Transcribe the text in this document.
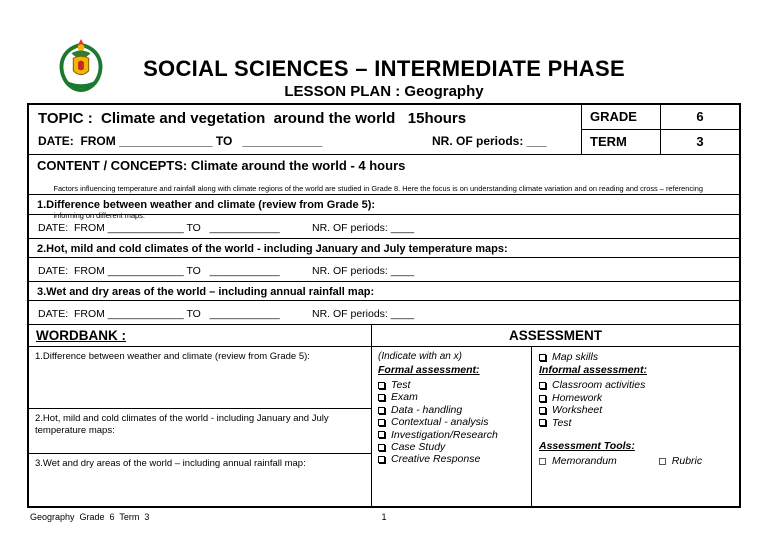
SOCIAL SCIENCES – INTERMEDIATE PHASE
LESSON PLAN : Geography
TOPIC :  Climate and vegetation  around the world   15hours
DATE:  FROM ______________ TO   ____________	NR. OF periods: ___
GRADE	6
TERM	3
CONTENT / CONCEPTS: Climate around the world - 4 hours

Factors influencing temperature and rainfall along with climate regions of the world are studied in Grade 8. Here the focus is on understanding climate variation and on reading and cross – referencing

informing on different maps.

1.Difference between weather and climate (review from Grade 5):
DATE:  FROM _____________ TO   ____________	NR. OF periods: ____
2.Hot, mild and cold climates of the world - including January and July temperature maps:
DATE:  FROM _____________ TO   ____________	NR. OF periods: ____
3.Wet and dry areas of the world – including annual rainfall map:
DATE:  FROM _____________ TO   ____________	NR. OF periods: ____
WORDBANK :	ASSESSMENT
1.Difference between weather and climate (review from Grade 5):
2.Hot, mild and cold climates of the world - including January and July temperature maps:
3.Wet and dry areas of the world – including annual rainfall map:
(Indicate with an x)
Formal assessment:
Test
Exam
Data - handling
Contextual - analysis
Investigation/Research
Case Study
Creative Response
Map skills
Informal assessment:
Classroom activities
Homework
Worksheet
Test
Assessment Tools:
Memorandum	Rubric
Geography  Grade  6  Term  3	1
